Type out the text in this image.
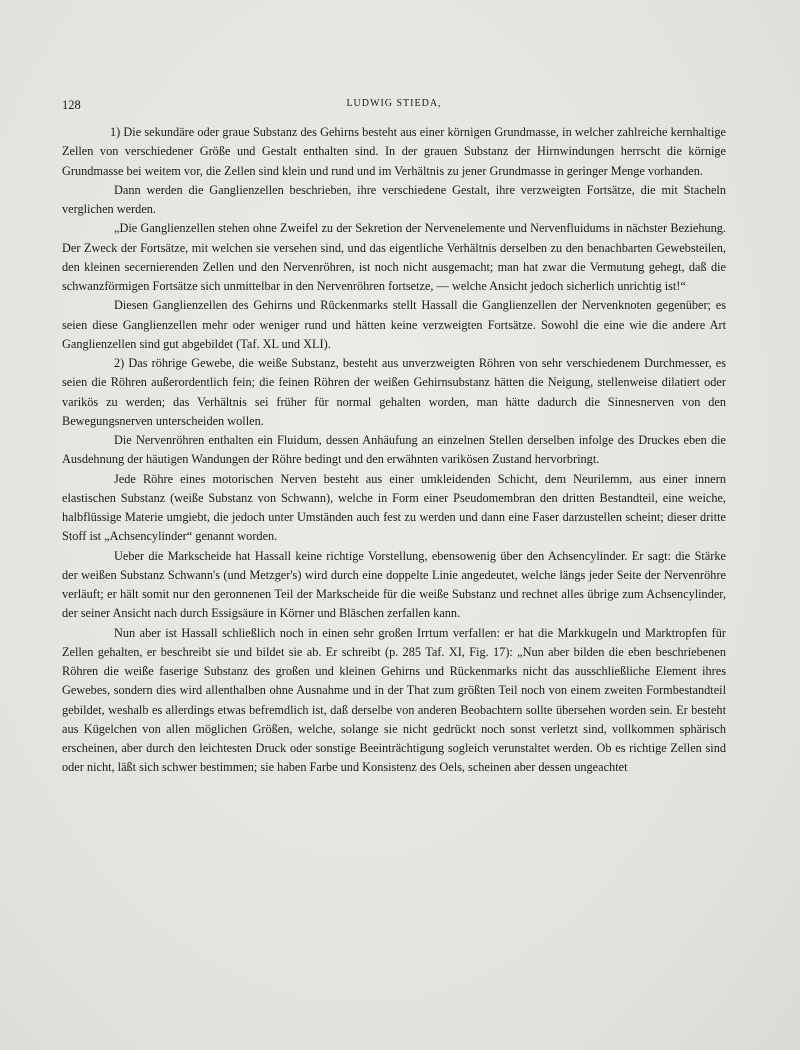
128	LUDWIG STIEDA,

1) Die sekundäre oder graue Substanz des Gehirns besteht aus einer körnigen Grundmasse, in welcher zahlreiche kernhaltige Zellen von verschiedener Größe und Gestalt enthalten sind. In der grauen Substanz der Hirnwindungen herrscht die körnige Grundmasse bei weitem vor, die Zellen sind klein und rund und im Verhältnis zu jener Grundmasse in geringer Menge vorhanden.

Dann werden die Ganglienzellen beschrieben, ihre verschiedene Gestalt, ihre verzweigten Fortsätze, die mit Stacheln verglichen werden.

„Die Ganglienzellen stehen ohne Zweifel zu der Sekretion der Nervenelemente und Nervenfluidums in nächster Beziehung. Der Zweck der Fortsätze, mit welchen sie versehen sind, und das eigentliche Verhältnis derselben zu den benachbarten Gewebsteilen, den kleinen secernierenden Zellen und den Nervenröhren, ist noch nicht ausgemacht; man hat zwar die Vermutung gehegt, daß die schwanzförmigen Fortsätze sich unmittelbar in den Nervenröhren fortsetze, — welche Ansicht jedoch sicherlich unrichtig ist!“

Diesen Ganglienzellen des Gehirns und Rückenmarks stellt Hassall die Ganglienzellen der Nervenknoten gegenüber; es seien diese Ganglienzellen mehr oder weniger rund und hätten keine verzweigten Fortsätze. Sowohl die eine wie die andere Art Ganglienzellen sind gut abgebildet (Taf. XL und XLI).

2) Das röhrige Gewebe, die weiße Substanz, besteht aus unverzweigten Röhren von sehr verschiedenem Durchmesser, es seien die Röhren außerordentlich fein; die feinen Röhren der weißen Gehirnsubstanz hätten die Neigung, stellenweise dilatiert oder varikös zu werden; das Verhältnis sei früher für normal gehalten worden, man hätte dadurch die Sinnesnerven von den Bewegungsnerven unterscheiden wollen.

Die Nervenröhren enthalten ein Fluidum, dessen Anhäufung an einzelnen Stellen derselben infolge des Druckes eben die Ausdehnung der häutigen Wandungen der Röhre bedingt und den erwähnten varikösen Zustand hervorbringt.

Jede Röhre eines motorischen Nerven besteht aus einer umkleidenden Schicht, dem Neurilemm, aus einer innern elastischen Substanz (weiße Substanz von Schwann), welche in Form einer Pseudomembran den dritten Bestandteil, eine weiche, halbflüssige Materie umgiebt, die jedoch unter Umständen auch fest zu werden und dann eine Faser darzustellen scheint; dieser dritte Stoff ist „Achsencylinder“ genannt worden.

Ueber die Markscheide hat Hassall keine richtige Vorstellung, ebensowenig über den Achsencylinder. Er sagt: die Stärke der weißen Substanz Schwann's (und Metzger's) wird durch eine doppelte Linie angedeutet, welche längs jeder Seite der Nervenröhre verläuft; er hält somit nur den geronnenen Teil der Markscheide für die weiße Substanz und rechnet alles übrige zum Achsencylinder, der seiner Ansicht nach durch Essigsäure in Körner und Bläschen zerfallen kann.

Nun aber ist Hassall schließlich noch in einen sehr großen Irrtum verfallen: er hat die Markkugeln und Marktropfen für Zellen gehalten, er beschreibt sie und bildet sie ab. Er schreibt (p. 285 Taf. XI, Fig. 17): „Nun aber bilden die eben beschriebenen Röhren die weiße faserige Substanz des großen und kleinen Gehirns und Rückenmarks nicht das ausschließliche Element ihres Gewebes, sondern dies wird allenthalben ohne Ausnahme und in der That zum größten Teil noch von einem zweiten Formbestandteil gebildet, weshalb es allerdings etwas befremdlich ist, daß derselbe von anderen Beobachtern sollte übersehen worden sein. Er besteht aus Kügelchen von allen möglichen Größen, welche, solange sie nicht gedrückt noch sonst verletzt sind, vollkommen sphärisch erscheinen, aber durch den leichtesten Druck oder sonstige Beeinträchtigung sogleich verunstaltet werden. Ob es richtige Zellen sind oder nicht, läßt sich schwer bestimmen; sie haben Farbe und Konsistenz des Oels, scheinen aber dessen ungeachtet
